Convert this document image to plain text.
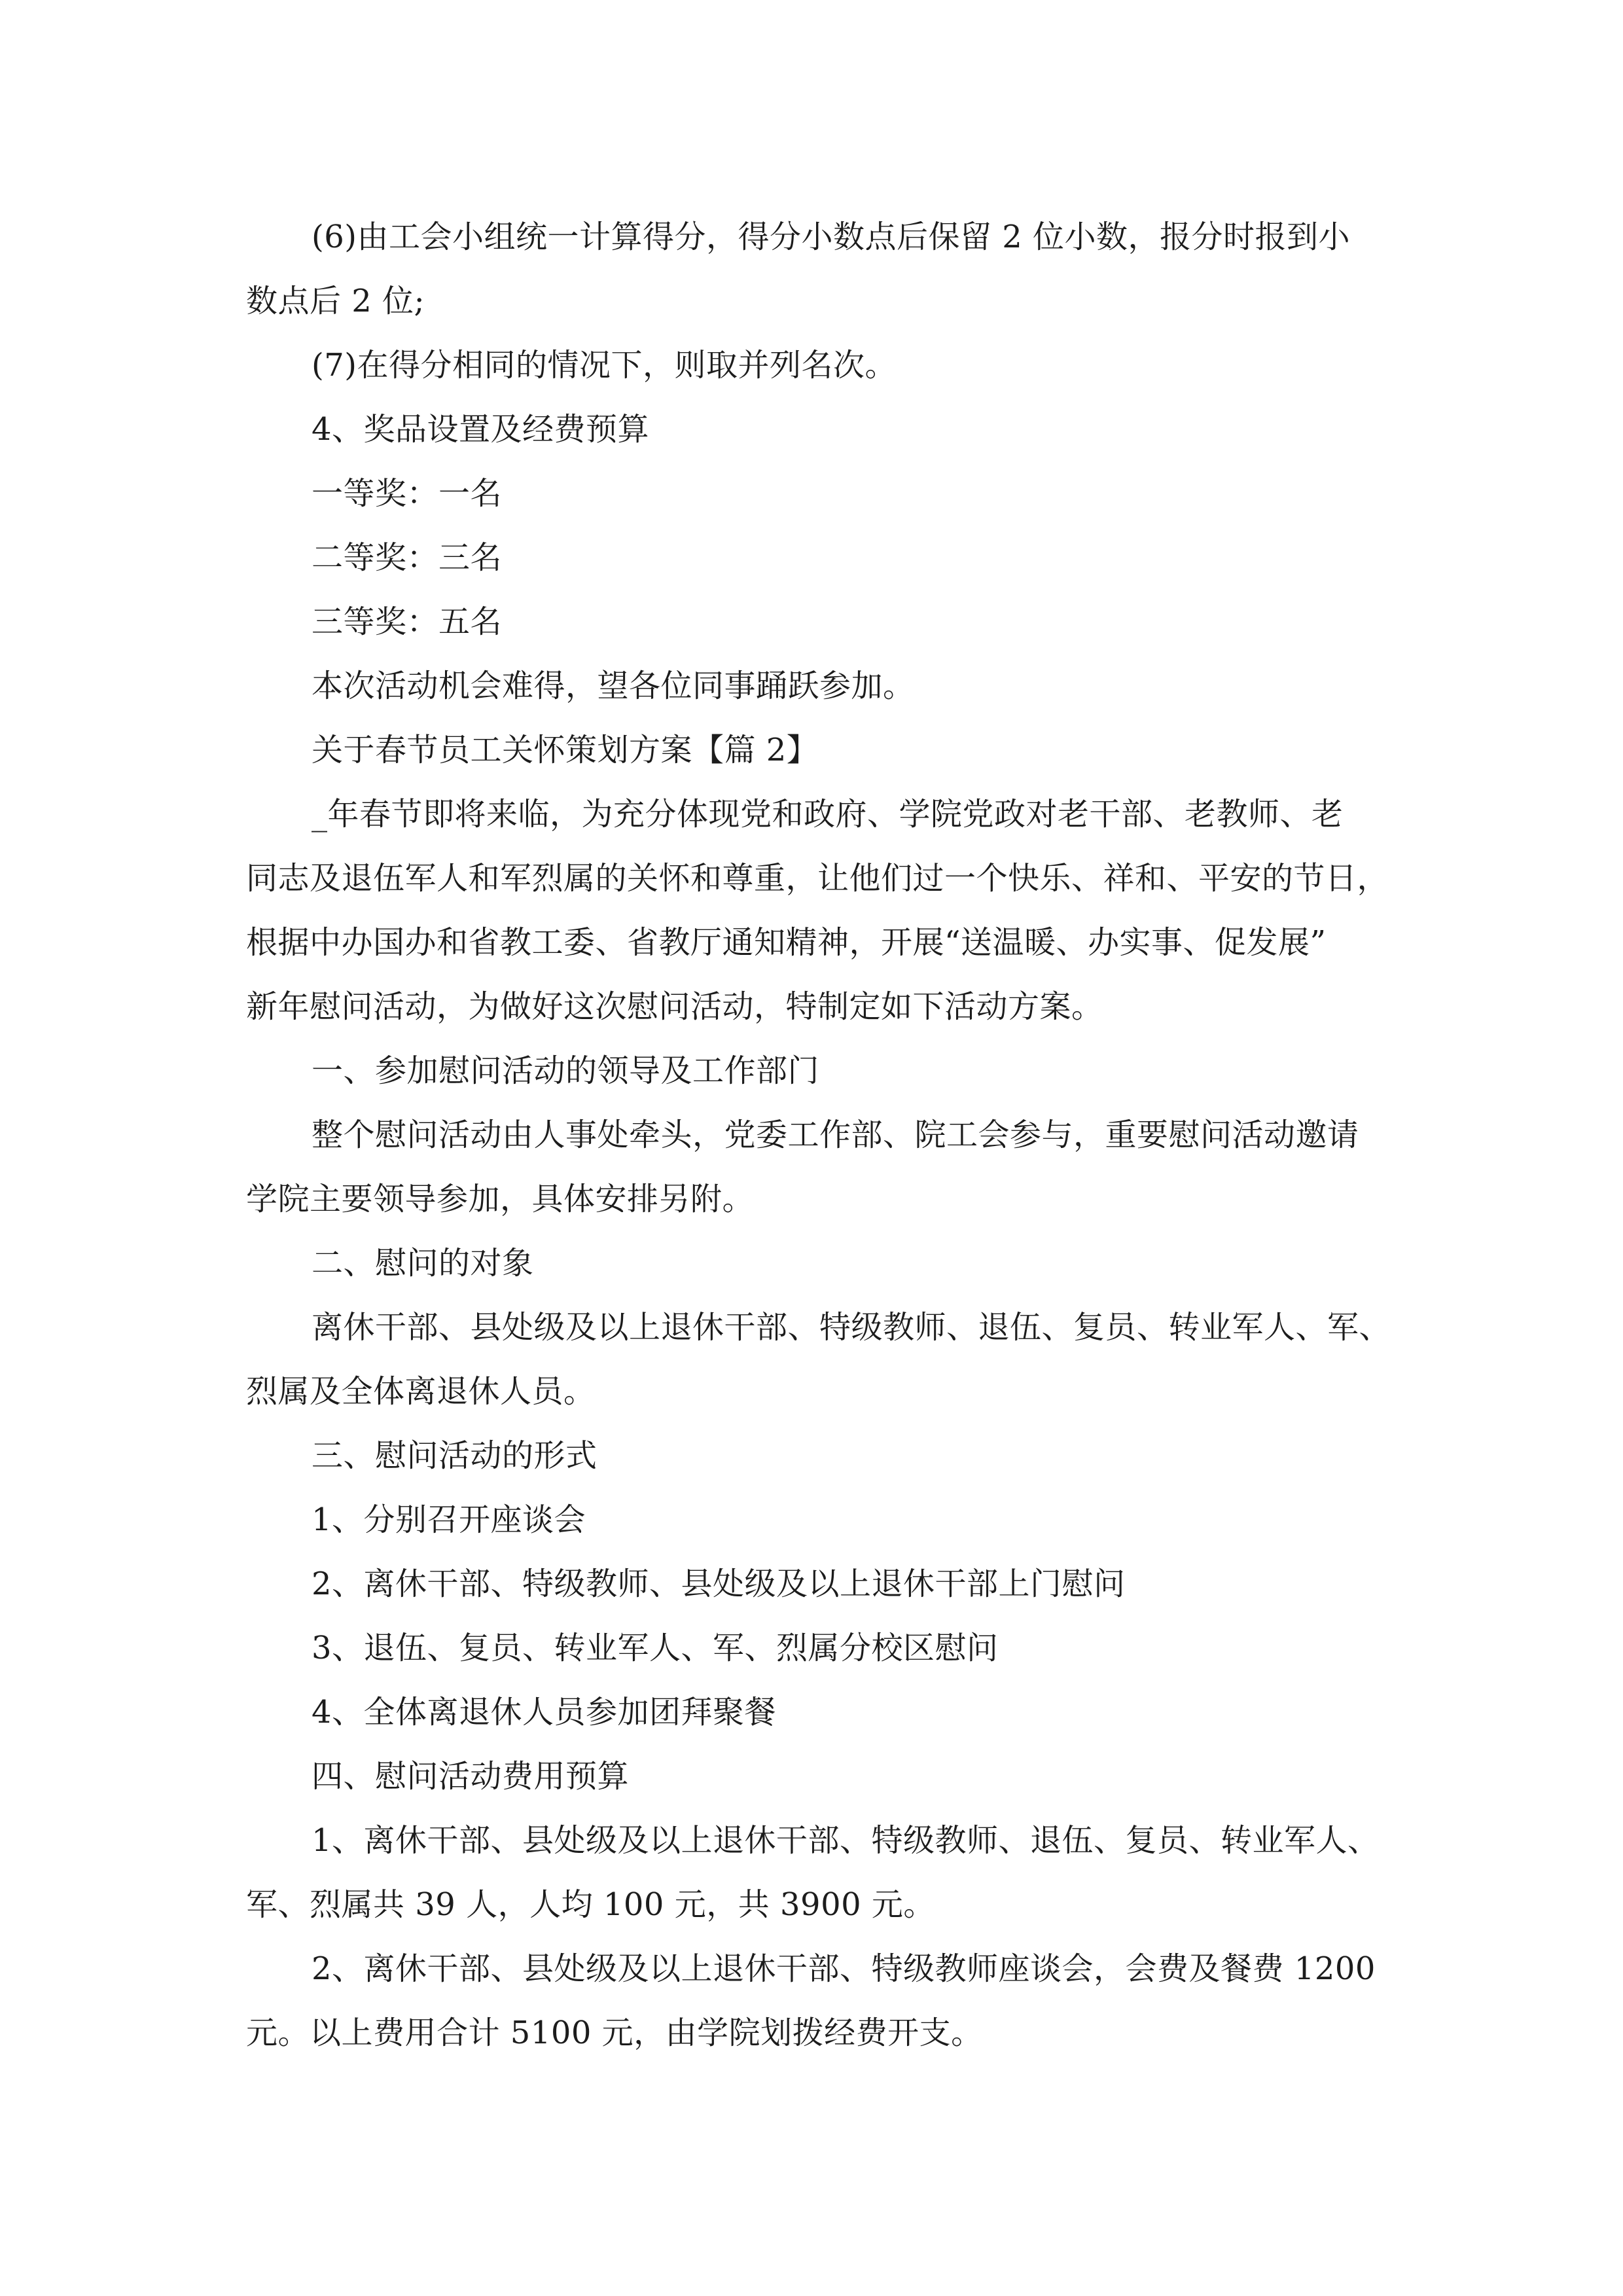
(6)由工会小组统一计算得分，得分小数点后保留 2 位小数，报分时报到小
数点后 2 位;
(7)在得分相同的情况下，则取并列名次。
4、奖品设置及经费预算
一等奖：一名
二等奖：三名
三等奖：五名
本次活动机会难得，望各位同事踊跃参加。
关于春节员工关怀策划方案【篇 2】
_年春节即将来临，为充分体现党和政府、学院党政对老干部、老教师、老
同志及退伍军人和军烈属的关怀和尊重，让他们过一个快乐、祥和、平安的节日，
根据中办国办和省教工委、省教厅通知精神，开展“送温暖、办实事、促发展”
新年慰问活动，为做好这次慰问活动，特制定如下活动方案。
一、参加慰问活动的领导及工作部门
整个慰问活动由人事处牵头，党委工作部、院工会参与，重要慰问活动邀请
学院主要领导参加，具体安排另附。
二、慰问的对象
离休干部、县处级及以上退休干部、特级教师、退伍、复员、转业军人、军、
烈属及全体离退休人员。
三、慰问活动的形式
1、分别召开座谈会
2、离休干部、特级教师、县处级及以上退休干部上门慰问
3、退伍、复员、转业军人、军、烈属分校区慰问
4、全体离退休人员参加团拜聚餐
四、慰问活动费用预算
1、离休干部、县处级及以上退休干部、特级教师、退伍、复员、转业军人、
军、烈属共 39 人，人均 100 元，共 3900 元。
2、离休干部、县处级及以上退休干部、特级教师座谈会，会费及餐费 1200
元。以上费用合计 5100 元，由学院划拨经费开支。
